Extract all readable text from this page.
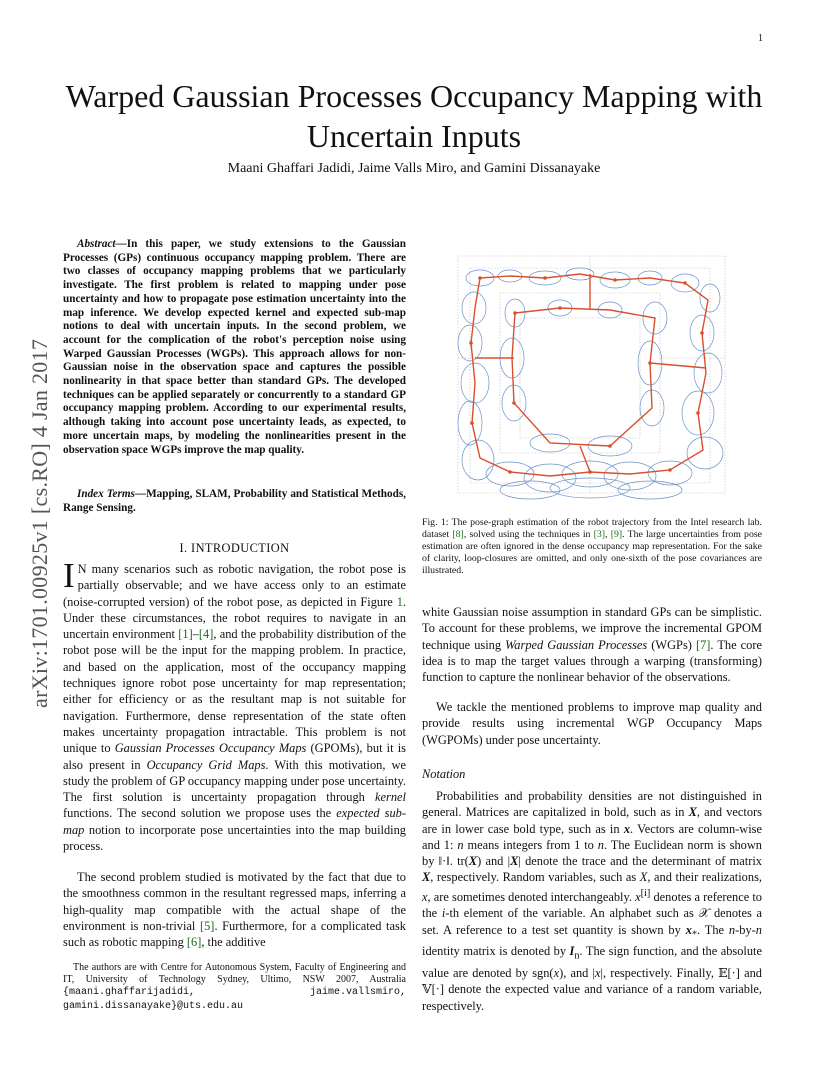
1
arXiv:1701.00925v1 [cs.RO] 4 Jan 2017
Warped Gaussian Processes Occupancy Mapping with Uncertain Inputs
Maani Ghaffari Jadidi, Jaime Valls Miro, and Gamini Dissanayake
Abstract—In this paper, we study extensions to the Gaussian Processes (GPs) continuous occupancy mapping problem. There are two classes of occupancy mapping problems that we particularly investigate. The first problem is related to mapping under pose uncertainty and how to propagate pose estimation uncertainty into the map inference. We develop expected kernel and expected sub-map notions to deal with uncertain inputs. In the second problem, we account for the complication of the robot's perception noise using Warped Gaussian Processes (WGPs). This approach allows for non-Gaussian noise in the observation space and captures the possible nonlinearity in that space better than standard GPs. The developed techniques can be applied separately or concurrently to a standard GP occupancy mapping problem. According to our experimental results, although taking into account pose uncertainty leads, as expected, to more uncertain maps, by modeling the nonlinearities present in the observation space WGPs improve the map quality.
Index Terms—Mapping, SLAM, Probability and Statistical Methods, Range Sensing.
I. INTRODUCTION
I N many scenarios such as robotic navigation, the robot pose is partially observable; and we have access only to an estimate (noise-corrupted version) of the robot pose, as depicted in Figure 1. Under these circumstances, the robot requires to navigate in an uncertain environment [1]–[4], and the probability distribution of the robot pose will be the input for the mapping problem. In practice, and based on the application, most of the occupancy mapping techniques ignore robot pose uncertainty for map representation; either for efficiency or as the resultant map is not suitable for navigation. Furthermore, dense representation of the state often makes uncertainty propagation intractable. This problem is not unique to Gaussian Processes Occupancy Maps (GPOMs), but it is also present in Occupancy Grid Maps. With this motivation, we study the problem of GP occupancy mapping under pose uncertainty. The first solution is uncertainty propagation through kernel functions. The second solution we propose uses the expected sub-map notion to incorporate pose uncertainties into the map building process.
The second problem studied is motivated by the fact that due to the smoothness common in the resultant regressed maps, inferring a high-quality map compatible with the actual shape of the environment is non-trivial [5]. Furthermore, for a complicated task such as robotic mapping [6], the additive
The authors are with Centre for Autonomous System, Faculty of Engineering and IT, University of Technology Sydney, Ultimo, NSW 2007, Australia {maani.ghaffarijadidi, jaime.vallsmiro, gamini.dissanayake}@uts.edu.au
Fig. 1: The pose-graph estimation of the robot trajectory from the Intel research lab. dataset [8], solved using the techniques in [3], [9]. The large uncertainties from pose estimation are often ignored in the dense occupancy map representation. For the sake of clarity, loop-closures are omitted, and only one-sixth of the pose covariances are illustrated.
white Gaussian noise assumption in standard GPs can be simplistic. To account for these problems, we improve the incremental GPOM technique using Warped Gaussian Processes (WGPs) [7]. The core idea is to map the target values through a warping (transforming) function to capture the nonlinear behavior of the observations.
We tackle the mentioned problems to improve map quality and provide results using incremental WGP Occupancy Maps (WGPOMs) under pose uncertainty.
Notation
Probabilities and probability densities are not distinguished in general. Matrices are capitalized in bold, such as in X, and vectors are in lower case bold type, such as in x. Vectors are column-wise and 1: n means integers from 1 to n. The Euclidean norm is shown by ‖·‖. tr(X) and |X| denote the trace and the determinant of matrix X, respectively. Random variables, such as X, and their realizations, x, are sometimes denoted interchangeably. x[i] denotes a reference to the i-th element of the variable. An alphabet such as 𝒳 denotes a set. A reference to a test set quantity is shown by $x_*$. The n-by-n identity matrix is denoted by $I_n$. The sign function, and the absolute value are denoted by sgn(x), and |x|, respectively. Finally, 𝔼[·] and 𝕍[·] denote the expected value and variance of a random variable, respectively.
